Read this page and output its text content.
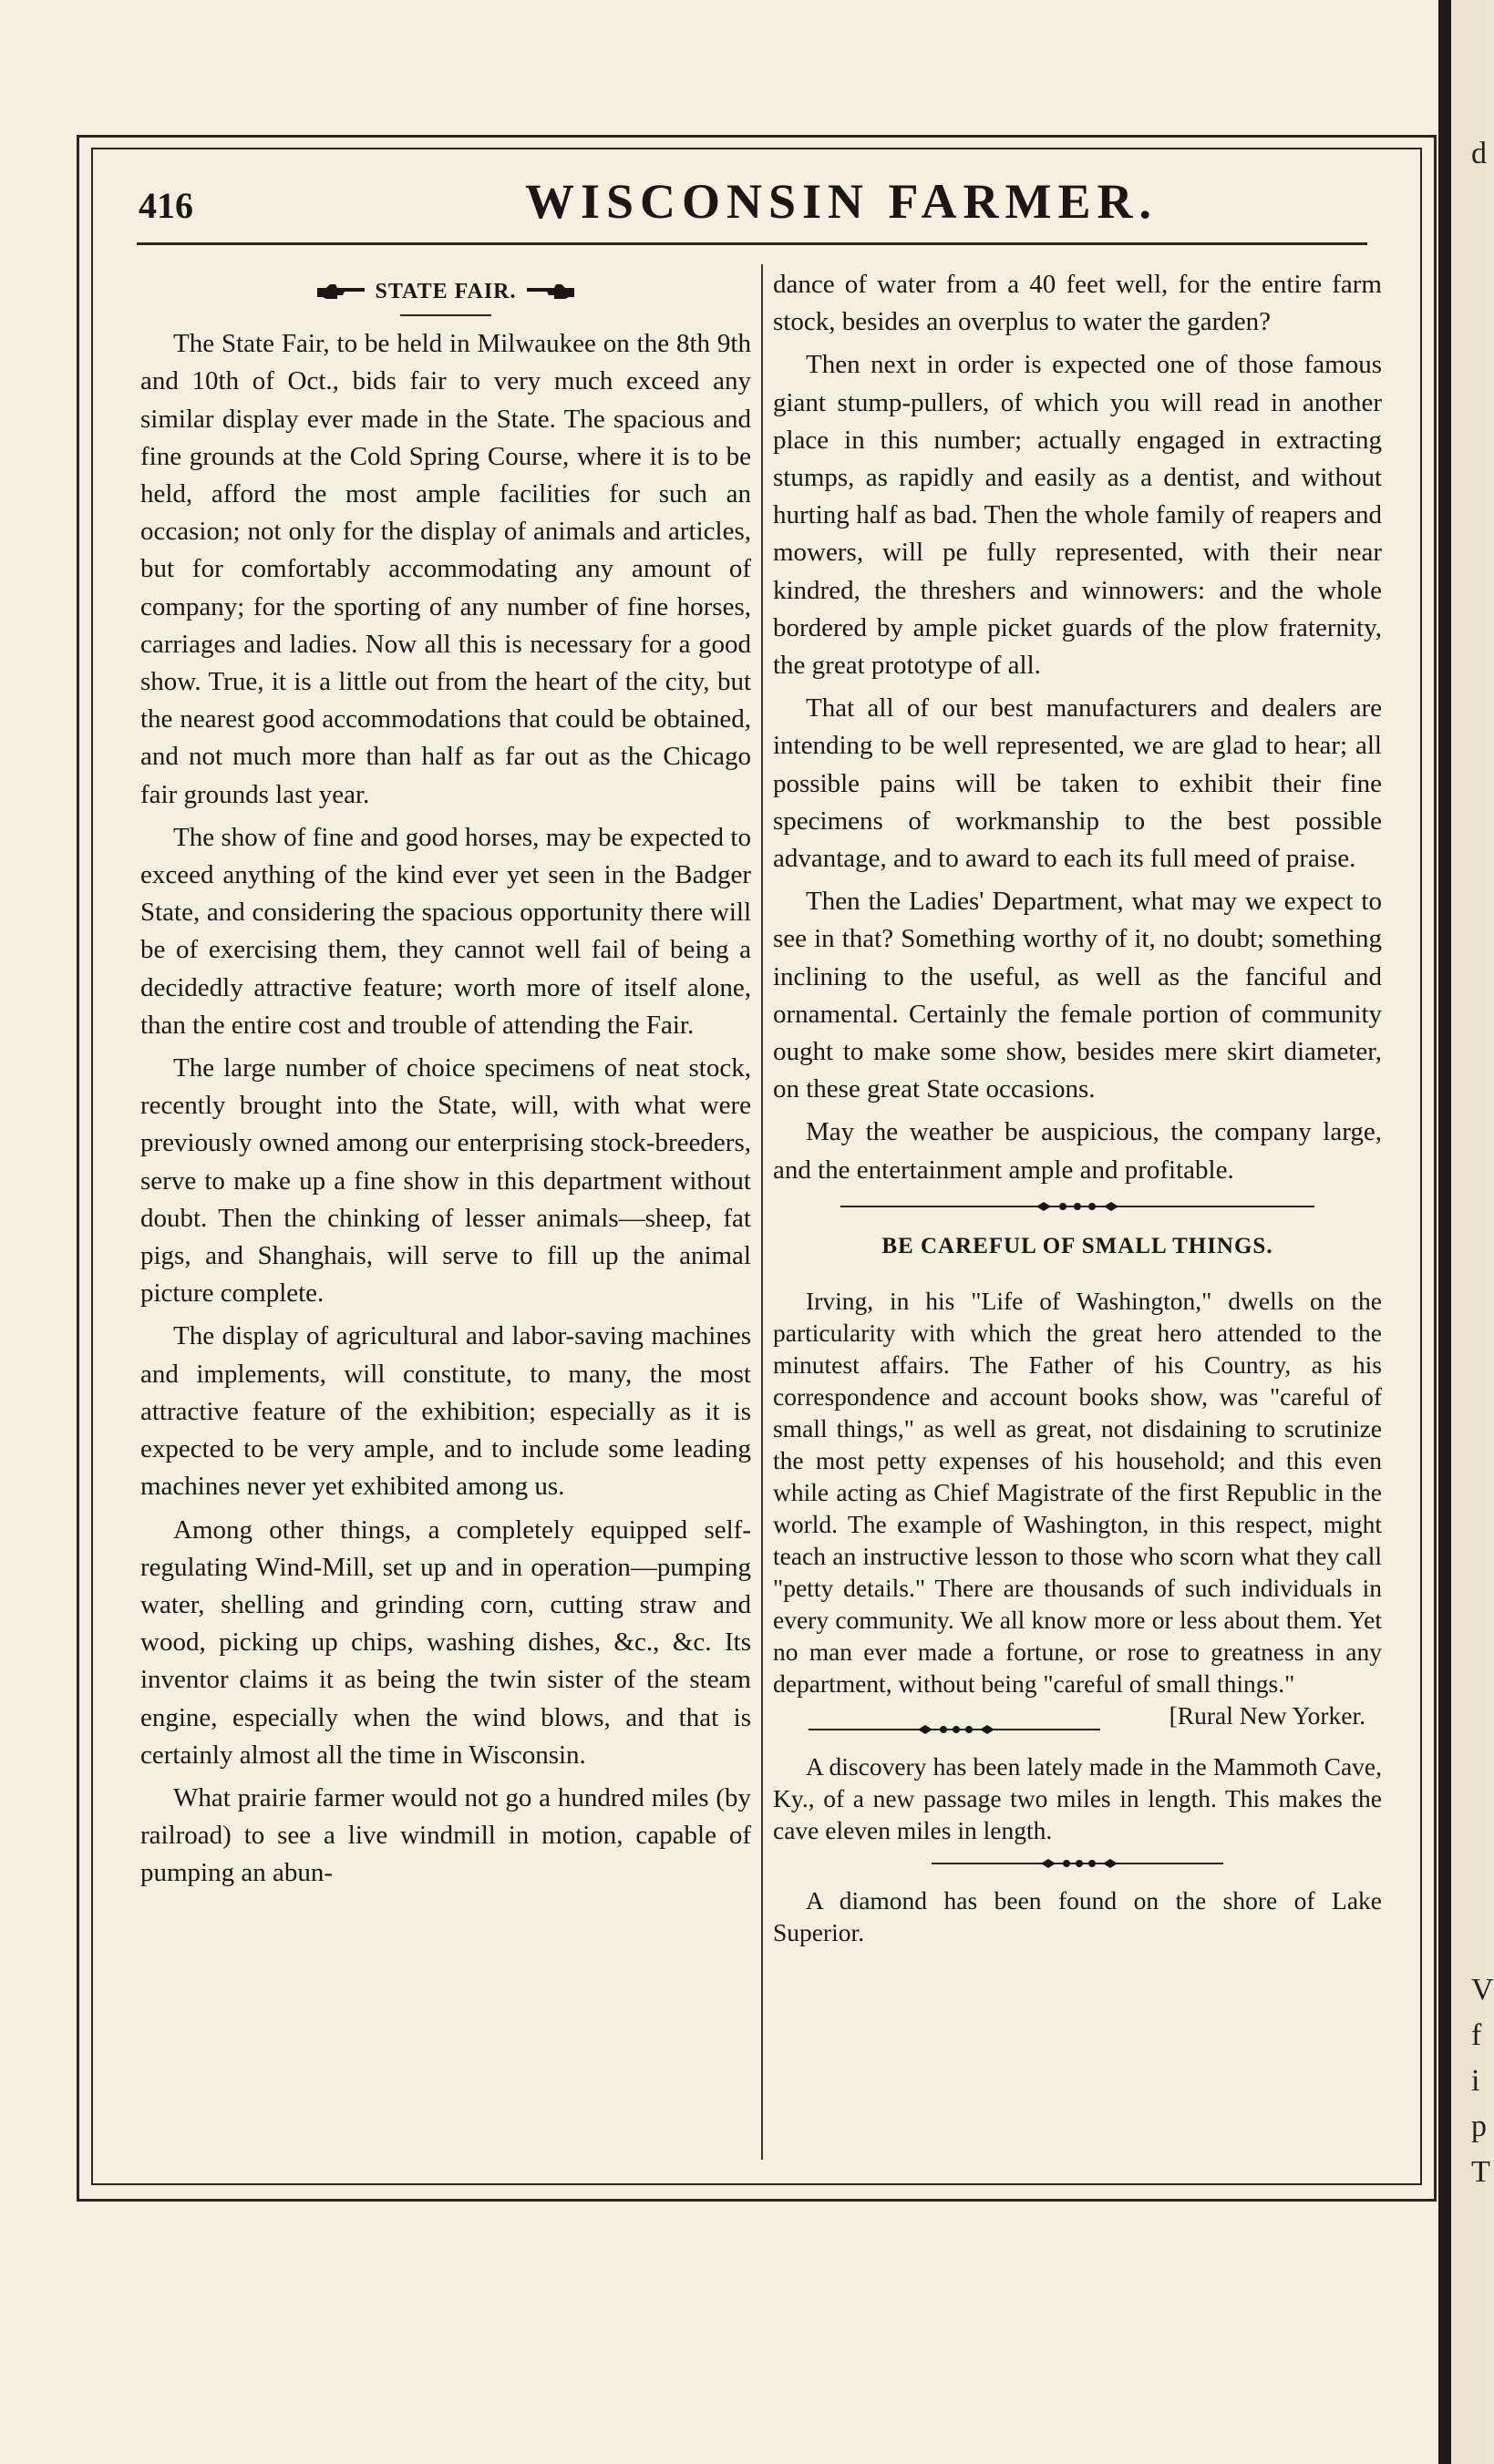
416	WISCONSIN FARMER.
STATE FAIR.

The State Fair, to be held in Milwaukee on the 8th 9th and 10th of Oct., bids fair to very much exceed any similar display ever made in the State. The spacious and fine grounds at the Cold Spring Course, where it is to be held, afford the most ample facilities for such an occasion; not only for the display of animals and articles, but for comfortably accommodating any amount of company; for the sporting of any number of fine horses, carriages and ladies. Now all this is necessary for a good show. True, it is a little out from the heart of the city, but the nearest good accommodations that could be obtained, and not much more than half as far out as the Chicago fair grounds last year.

The show of fine and good horses, may be expected to exceed anything of the kind ever yet seen in the Badger State, and considering the spacious opportunity there will be of exercising them, they cannot well fail of being a decidedly attractive feature; worth more of itself alone, than the entire cost and trouble of attending the Fair.

The large number of choice specimens of neat stock, recently brought into the State, will, with what were previously owned among our enterprising stock-breeders, serve to make up a fine show in this department without doubt. Then the chinking of lesser animals—sheep, fat pigs, and Shanghais, will serve to fill up the animal picture complete.

The display of agricultural and labor-saving machines and implements, will constitute, to many, the most attractive feature of the exhibition; especially as it is expected to be very ample, and to include some leading machines never yet exhibited among us.

Among other things, a completely equipped self-regulating Wind-Mill, set up and in operation—pumping water, shelling and grinding corn, cutting straw and wood, picking up chips, washing dishes, &c., &c. Its inventor claims it as being the twin sister of the steam engine, especially when the wind blows, and that is certainly almost all the time in Wisconsin.

What prairie farmer would not go a hundred miles (by railroad) to see a live windmill in motion, capable of pumping an abun-

dance of water from a 40 feet well, for the entire farm stock, besides an overplus to water the garden?

Then next in order is expected one of those famous giant stump-pullers, of which you will read in another place in this number; actually engaged in extracting stumps, as rapidly and easily as a dentist, and without hurting half as bad. Then the whole family of reapers and mowers, will pe fully represented, with their near kindred, the threshers and winnowers: and the whole bordered by ample picket guards of the plow fraternity, the great prototype of all.

That all of our best manufacturers and dealers are intending to be well represented, we are glad to hear; all possible pains will be taken to exhibit their fine specimens of workmanship to the best possible advantage, and to award to each its full meed of praise.

Then the Ladies' Department, what may we expect to see in that? Something worthy of it, no doubt; something inclining to the useful, as well as the fanciful and ornamental. Certainly the female portion of community ought to make some show, besides mere skirt diameter, on these great State occasions.

May the weather be auspicious, the company large, and the entertainment ample and profitable.

BE CAREFUL OF SMALL THINGS.

Irving, in his "Life of Washington," dwells on the particularity with which the great hero attended to the minutest affairs. The Father of his Country, as his correspondence and account books show, was "careful of small things," as well as great, not disdaining to scrutinize the most petty expenses of his household; and this even while acting as Chief Magistrate of the first Republic in the world. The example of Washington, in this respect, might teach an instructive lesson to those who scorn what they call "petty details." There are thousands of such individuals in every community. We all know more or less about them. Yet no man ever made a fortune, or rose to greatness in any department, without being "careful of small things."
[Rural New Yorker.

A discovery has been lately made in the Mammoth Cave, Ky., of a new passage two miles in length. This makes the cave eleven miles in length.

A diamond has been found on the shore of Lake Superior.

d
V
f
i
p
T
